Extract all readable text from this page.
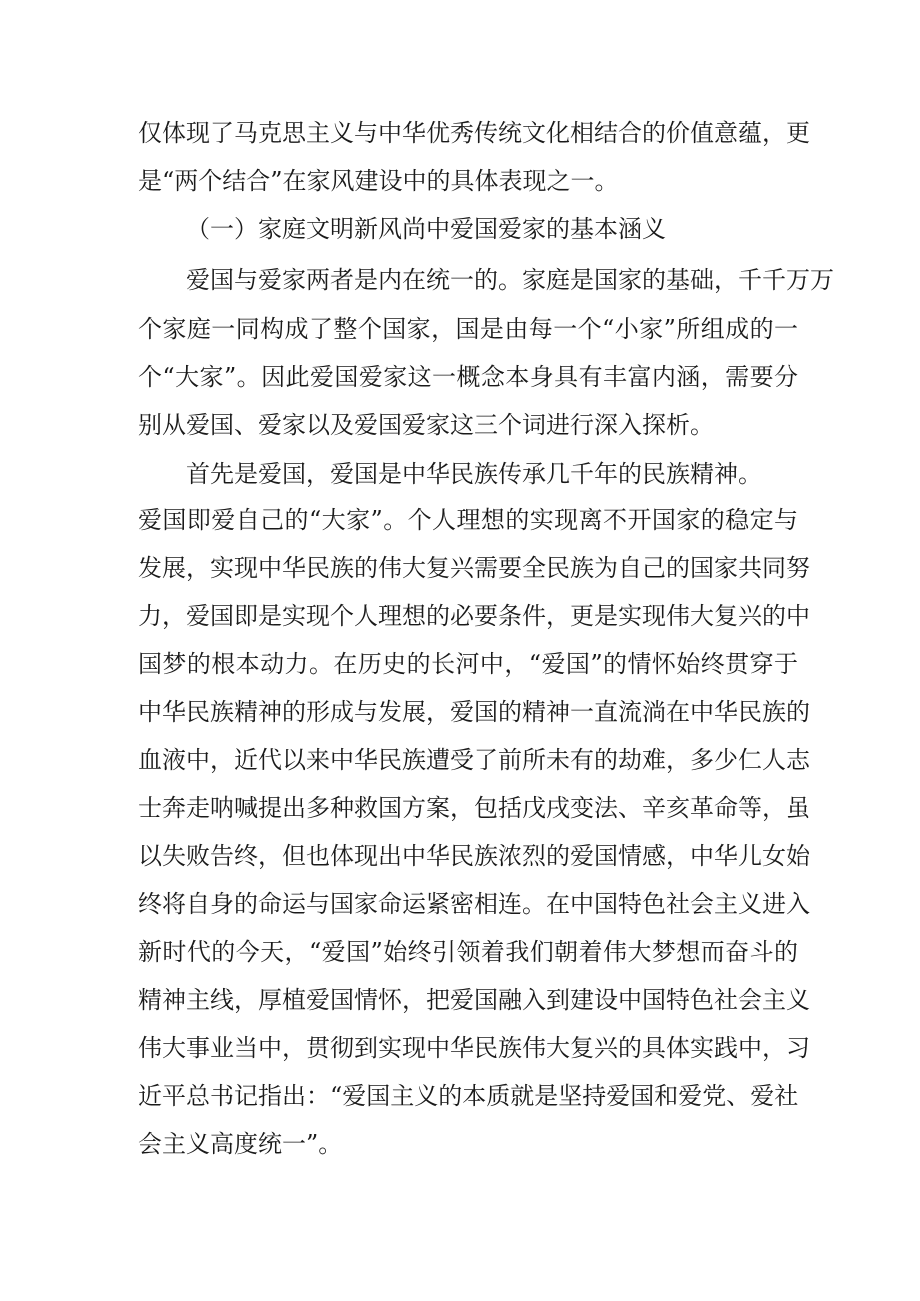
仅体现了马克思主义与中华优秀传统文化相结合的价值意蕴，更
是“两个结合”在家风建设中的具体表现之一。
（一）家庭文明新风尚中爱国爱家的基本涵义
爱国与爱家两者是内在统一的。家庭是国家的基础，千千万万
个家庭一同构成了整个国家，国是由每一个“小家”所组成的一
个“大家”。因此爱国爱家这一概念本身具有丰富内涵，需要分
别从爱国、爱家以及爱国爱家这三个词进行深入探析。
首先是爱国，爱国是中华民族传承几千年的民族精神。
爱国即爱自己的“大家”。个人理想的实现离不开国家的稳定与
发展，实现中华民族的伟大复兴需要全民族为自己的国家共同努
力，爱国即是实现个人理想的必要条件，更是实现伟大复兴的中
国梦的根本动力。在历史的长河中，“爱国”的情怀始终贯穿于
中华民族精神的形成与发展，爱国的精神一直流淌在中华民族的
血液中，近代以来中华民族遭受了前所未有的劫难，多少仁人志
士奔走呐喊提出多种救国方案，包括戊戌变法、辛亥革命等，虽
以失败告终，但也体现出中华民族浓烈的爱国情感，中华儿女始
终将自身的命运与国家命运紧密相连。在中国特色社会主义进入
新时代的今天，“爱国”始终引领着我们朝着伟大梦想而奋斗的
精神主线，厚植爱国情怀，把爱国融入到建设中国特色社会主义
伟大事业当中，贯彻到实现中华民族伟大复兴的具体实践中，习
近平总书记指出：“爱国主义的本质就是坚持爱国和爱党、爱社
会主义高度统一”。
